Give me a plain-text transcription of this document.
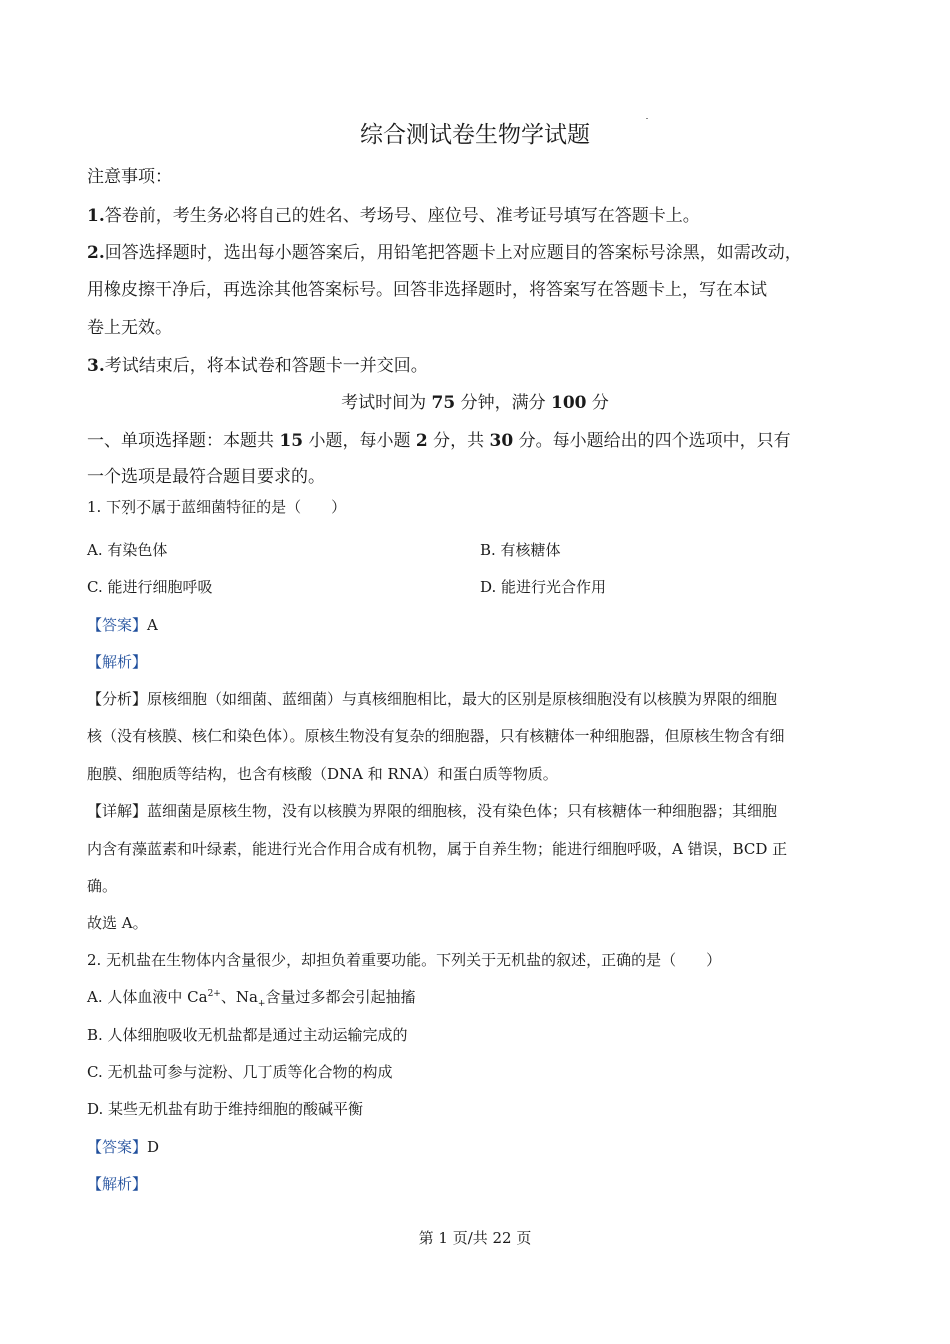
综合测试卷生物学试题
注意事项：
1.答卷前，考生务必将自己的姓名、考场号、座位号、准考证号填写在答题卡上。
2.回答选择题时，选出每小题答案后，用铅笔把答题卡上对应题目的答案标号涂黑，如需改动，
用橡皮擦干净后，再选涂其他答案标号。回答非选择题时，将答案写在答题卡上，写在本试
卷上无效。
3.考试结束后，将本试卷和答题卡一并交回。
考试时间为 75 分钟，满分 100 分
一、单项选择题：本题共 15 小题，每小题 2 分，共 30 分。每小题给出的四个选项中，只有
一个选项是最符合题目要求的。
1. 下列不属于蓝细菌特征的是（　　） • • •
A. 有染色体	B. 有核糖体
C. 能进行细胞呼吸	D. 能进行光合作用
【答案】A
【解析】
【分析】原核细胞（如细菌、蓝细菌）与真核细胞相比，最大的区别是原核细胞没有以核膜为界限的细胞
核（没有核膜、核仁和染色体）。原核生物没有复杂的细胞器，只有核糖体一种细胞器，但原核生物含有细
胞膜、细胞质等结构，也含有核酸（DNA 和 RNA）和蛋白质等物质。
【详解】蓝细菌是原核生物，没有以核膜为界限的细胞核，没有染色体；只有核糖体一种细胞器；其细胞
内含有藻蓝素和叶绿素，能进行光合作用合成有机物，属于自养生物；能进行细胞呼吸，A 错误，BCD 正
确。
故选 A。
2. 无机盐在生物体内含量很少，却担负着重要功能。下列关于无机盐的叙述，正确的是（　　）
A. 人体血液中 $Ca^{2+}$、$Na_+$含量过多都会引起抽搐
B. 人体细胞吸收无机盐都是通过主动运输完成的
C. 无机盐可参与淀粉、几丁质等化合物的构成
D. 某些无机盐有助于维持细胞的酸碱平衡
【答案】D
【解析】
第 1 页/共 22 页
